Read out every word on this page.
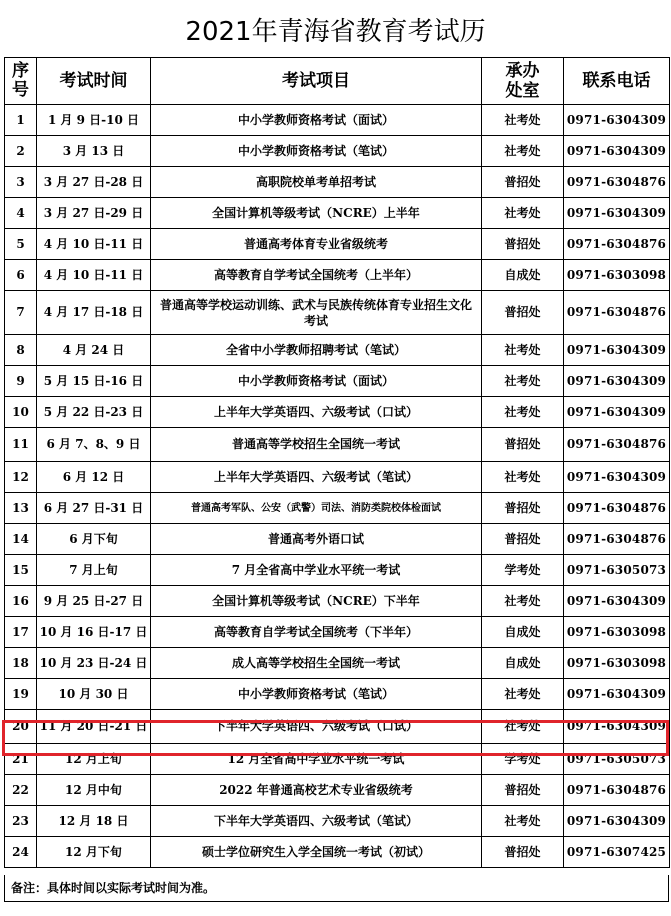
2021年青海省教育考试历
序号	考试时间	考试项目	承办处室	联系电话
1	1 月 9 日-10 日	中小学教师资格考试（面试）	社考处	0971-6304309
2	3 月 13 日	中小学教师资格考试（笔试）	社考处	0971-6304309
3	3 月 27 日-28 日	高职院校单考单招考试	普招处	0971-6304876
4	3 月 27 日-29 日	全国计算机等级考试（NCRE）上半年	社考处	0971-6304309
5	4 月 10 日-11 日	普通高考体育专业省级统考	普招处	0971-6304876
6	4 月 10 日-11 日	高等教育自学考试全国统考（上半年）	自成处	0971-6303098
7	4 月 17 日-18 日	普通高等学校运动训练、武术与民族传统体育专业招生文化考试	普招处	0971-6304876
8	4 月 24 日	全省中小学教师招聘考试（笔试）	社考处	0971-6304309
9	5 月 15 日-16 日	中小学教师资格考试（面试）	社考处	0971-6304309
10	5 月 22 日-23 日	上半年大学英语四、六级考试（口试）	社考处	0971-6304309
11	6 月 7、8、9 日	普通高等学校招生全国统一考试	普招处	0971-6304876
12	6 月 12 日	上半年大学英语四、六级考试（笔试）	社考处	0971-6304309
13	6 月 27 日-31 日	普通高考军队、公安（武警）司法、消防类院校体检面试	普招处	0971-6304876
14	6 月下旬	普通高考外语口试	普招处	0971-6304876
15	7 月上旬	7 月全省高中学业水平统一考试	学考处	0971-6305073
16	9 月 25 日-27 日	全国计算机等级考试（NCRE）下半年	社考处	0971-6304309
17	10 月 16 日-17 日	高等教育自学考试全国统考（下半年）	自成处	0971-6303098
18	10 月 23 日-24 日	成人高等学校招生全国统一考试	自成处	0971-6303098
19	10 月 30 日	中小学教师资格考试（笔试）	社考处	0971-6304309
20	11 月 20 日-21 日	下半年大学英语四、六级考试（口试）	社考处	0971-6304309
21	12 月上旬	12 月全省高中学业水平统一考试	学考处	0971-6305073
22	12 月中旬	2022 年普通高校艺术专业省级统考	普招处	0971-6304876
23	12 月 18 日	下半年大学英语四、六级考试（笔试）	社考处	0971-6304309
24	12 月下旬	硕士学位研究生入学全国统一考试（初试）	普招处	0971-6307425
备注：具体时间以实际考试时间为准。
